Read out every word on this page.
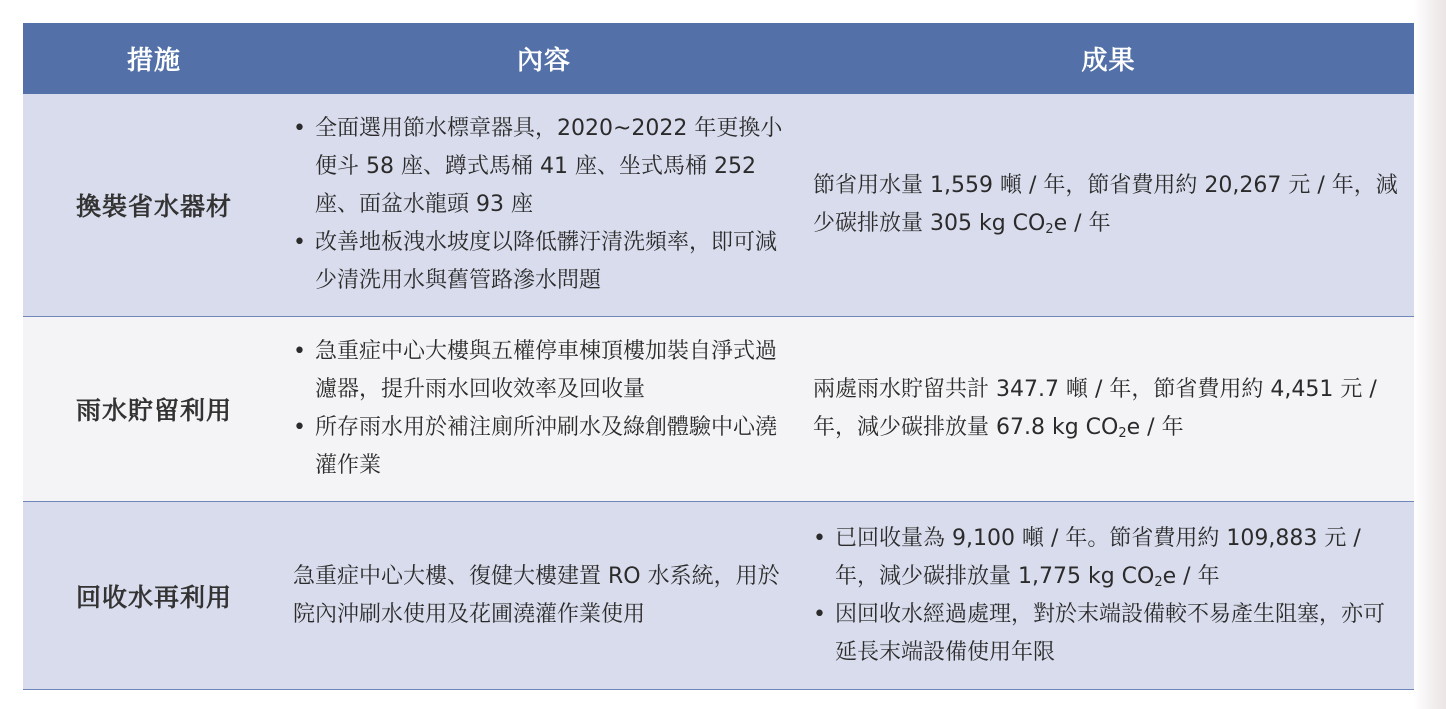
措施	內容	成果
換裝省水器材
• 全面選用節水標章器具，2020~2022 年更換小便斗 58 座、蹲式馬桶 41 座、坐式馬桶 252 座、面盆水龍頭 93 座
• 改善地板洩水坡度以降低髒汙清洗頻率，即可減少清洗用水與舊管路滲水問題
節省用水量 1,559 噸 / 年，節省費用約 20,267 元 / 年，減少碳排放量 305 kg $CO_2e$ / 年
雨水貯留利用
• 急重症中心大樓與五權停車棟頂樓加裝自淨式過濾器，提升雨水回收效率及回收量
• 所存雨水用於補注廁所沖刷水及綠創體驗中心澆灌作業
兩處雨水貯留共計 347.7 噸 / 年，節省費用約 4,451 元 / 年，減少碳排放量 67.8 kg $CO_2e$ / 年
回收水再利用
急重症中心大樓、復健大樓建置 RO 水系統，用於院內沖刷水使用及花圃澆灌作業使用
• 已回收量為 9,100 噸 / 年。節省費用約 109,883 元 / 年，減少碳排放量 1,775 kg $CO_2e$ / 年
• 因回收水經過處理，對於末端設備較不易產生阻塞，亦可延長末端設備使用年限
